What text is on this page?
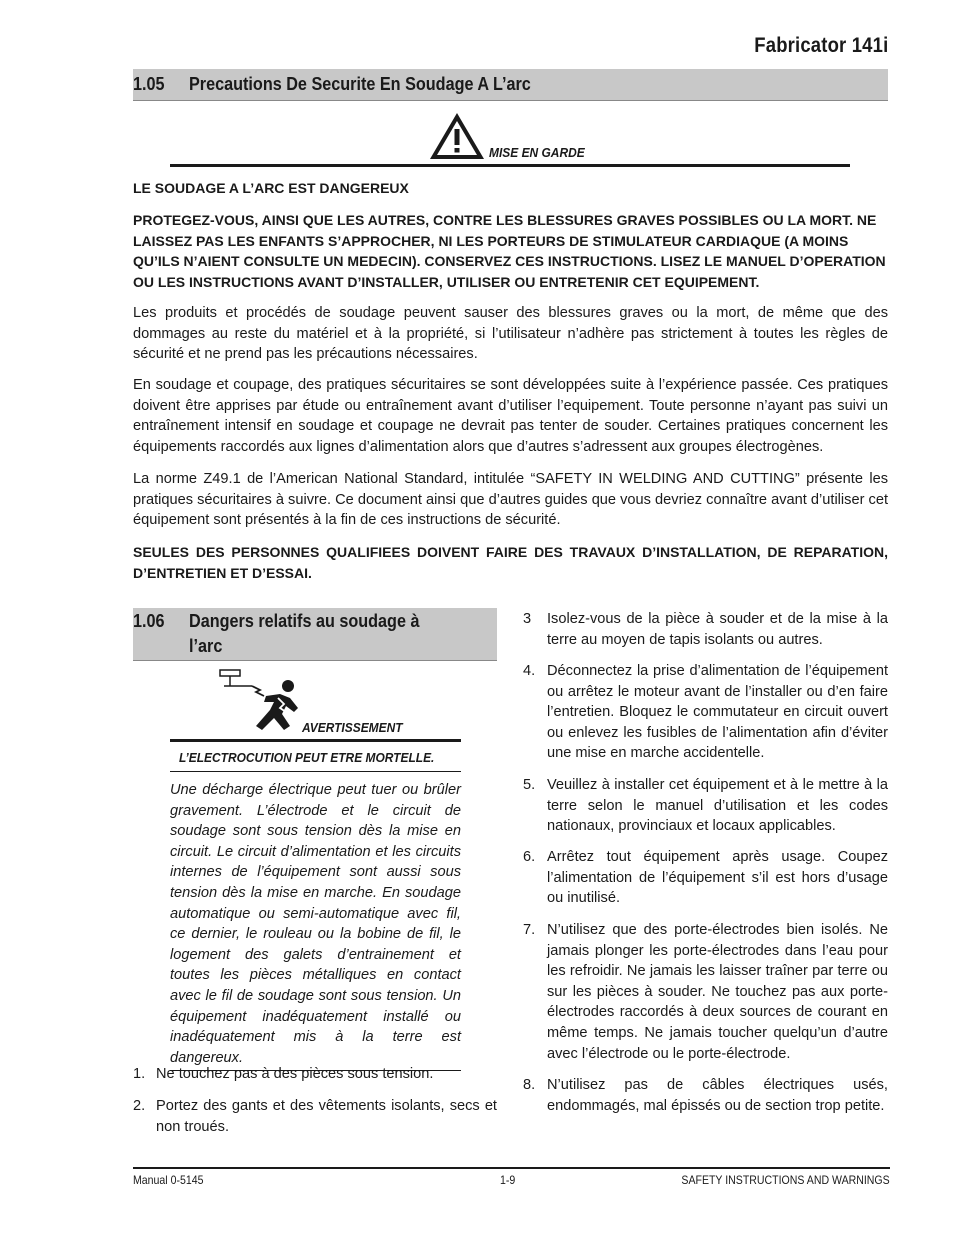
Fabricator 141i
1.05 Precautions De Securite En Soudage A L’arc
MISE EN GARDE
LE SOUDAGE A L’ARC EST DANGEREUX
PROTEGEZ-VOUS, AINSI QUE LES AUTRES, CONTRE LES BLESSURES GRAVES POSSIBLES OU LA MORT. NE LAISSEZ PAS LES ENFANTS S’APPROCHER, NI LES PORTEURS DE STIMULATEUR CARDIAQUE (A MOINS QU’ILS N’AIENT CONSULTE UN MEDECIN). CONSERVEZ CES INSTRUCTIONS. LISEZ LE MANUEL D’OPERATION OU LES INSTRUCTIONS AVANT D’INSTALLER, UTILISER OU ENTRETENIR CET EQUIPEMENT.
Les produits et procédés de soudage peuvent sauser des blessures graves ou la mort, de même que des dommages au reste du matériel et à la propriété, si l’utilisateur n’adhère pas strictement à toutes les règles de sécurité et ne prend pas les précautions nécessaires.
En soudage et coupage, des pratiques sécuritaires se sont développées suite à l’expérience passée. Ces pratiques doivent être apprises par étude ou entraînement avant d’utiliser l’equipement. Toute personne n’ayant pas suivi un entraînement intensif en soudage et coupage ne devrait pas tenter de souder. Certaines pratiques concernent les équipements raccordés aux lignes d’alimentation alors que d’autres s’adressent aux groupes électrogènes.
La norme Z49.1 de l’American National Standard, intitulée “SAFETY IN WELDING AND CUTTING” présente les pratiques sécuritaires à suivre. Ce document ainsi que d’autres guides que vous devriez connaître avant d’utiliser cet équipement sont présentés à la fin de ces instructions de sécurité.
SEULES DES PERSONNES QUALIFIEES DOIVENT FAIRE DES TRAVAUX D’INSTALLATION, DE REPARATION, D’ENTRETIEN ET D’ESSAI.
1.06 Dangers relatifs au soudage à
l’arc
AVERTISSEMENT
L’ELECTROCUTION PEUT ETRE MORTELLE.
Une décharge électrique peut tuer ou brûler gravement. L’électrode et le circuit de soudage sont sous tension dès la mise en circuit. Le circuit d’alimentation et les circuits internes de l’équipement sont aussi sous tension dès la mise en marche. En soudage automatique ou semi-automatique avec fil, ce dernier, le rouleau ou la bobine de fil, le logement des galets d’entrainement et toutes les pièces métalliques en contact avec le fil de soudage sont sous tension. Un équipement inadéquatement installé ou inadéquatement mis à la terre est dangereux.
1. Ne touchez pas à des pièces sous tension.
2. Portez des gants et des vêtements isolants, secs et non troués.
3 Isolez-vous de la pièce à souder et de la mise à la terre au moyen de tapis isolants ou autres.
4. Déconnectez la prise d’alimentation de l’équipement ou arrêtez le moteur avant de l’installer ou d’en faire l’entretien. Bloquez le commutateur en circuit ouvert ou enlevez les fusibles de l’alimentation afin d’éviter une mise en marche accidentelle.
5. Veuillez à installer cet équipement et à le mettre à la terre selon le manuel d’utilisation et les codes nationaux, provinciaux et locaux applicables.
6. Arrêtez tout équipement après usage. Coupez l’alimentation de l’équipement s’il est hors d’usage ou inutilisé.
7. N’utilisez que des porte-électrodes bien isolés. Ne jamais plonger les porte-électrodes dans l’eau pour les refroidir. Ne jamais les laisser traîner par terre ou sur les pièces à souder. Ne touchez pas aux porte-électrodes raccordés à deux sources de courant en même temps. Ne jamais toucher quelqu’un d’autre avec l’électrode ou le porte-électrode.
8. N’utilisez pas de câbles électriques usés, endommagés, mal épissés ou de section trop petite.
Manual 0-5145	1-9	SAFETY INSTRUCTIONS AND WARNINGS
